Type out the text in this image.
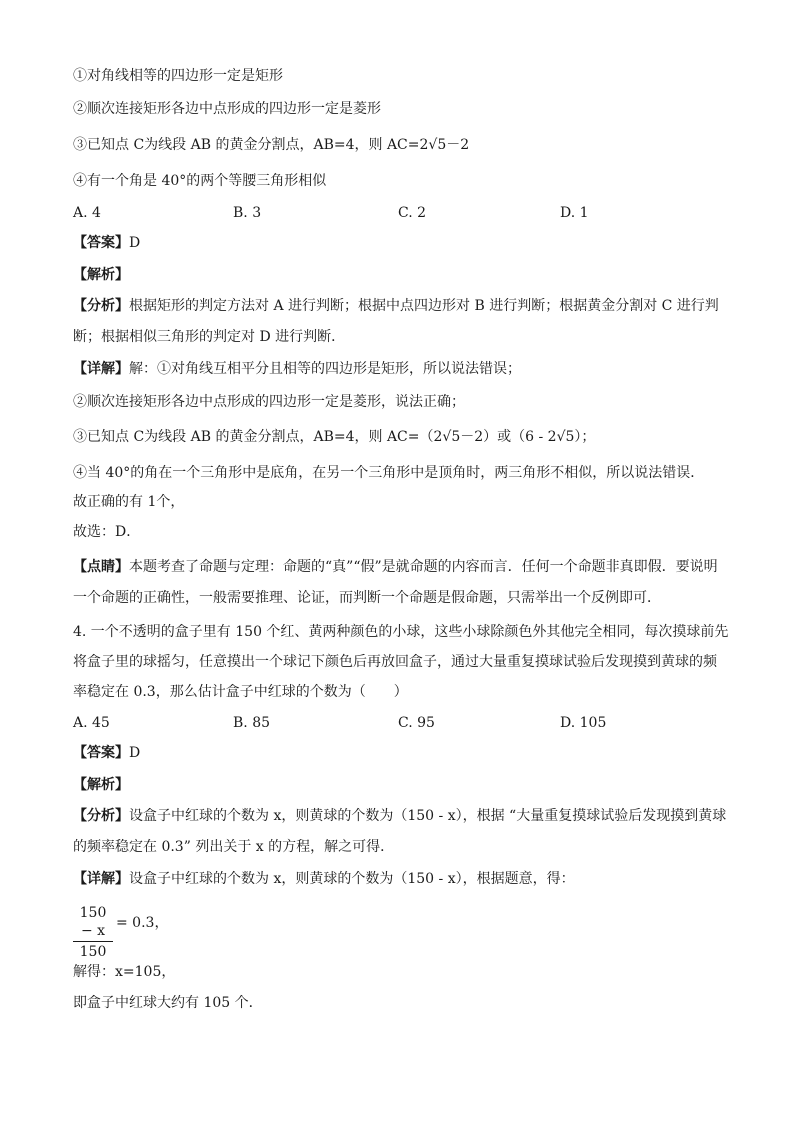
①对角线相等的四边形一定是矩形
②顺次连接矩形各边中点形成的四边形一定是菱形
③已知点 C为线段 AB 的黄金分割点，AB=4，则 AC=2√5－2
④有一个角是 40°的两个等腰三角形相似
A. 4	B. 3	C. 2	D. 1
【答案】D
【解析】
【分析】根据矩形的判定方法对 A 进行判断；根据中点四边形对 B 进行判断；根据黄金分割对 C 进行判
断；根据相似三角形的判定对 D 进行判断．
【详解】解：①对角线互相平分且相等的四边形是矩形，所以说法错误；
②顺次连接矩形各边中点形成的四边形一定是菱形，说法正确；
③已知点 C为线段 AB 的黄金分割点，AB=4，则 AC=（2√5－2）或（6 - 2√5）；
④当 40°的角在一个三角形中是底角，在另一个三角形中是顶角时，两三角形不相似，所以说法错误．
故正确的有 1个，
故选：D．
【点睛】本题考查了命题与定理：命题的“真”“假”是就命题的内容而言．任何一个命题非真即假．要说明
一个命题的正确性，一般需要推理、论证，而判断一个命题是假命题，只需举出一个反例即可．
4. 一个不透明的盒子里有 150 个红、黄两种颜色的小球，这些小球除颜色外其他完全相同，每次摸球前先
将盒子里的球摇匀，任意摸出一个球记下颜色后再放回盒子，通过大量重复摸球试验后发现摸到黄球的频
率稳定在 0.3，那么估计盒子中红球的个数为（　　）
A. 45	B. 85	C. 95	D. 105
【答案】D
【解析】
【分析】设盒子中红球的个数为 x，则黄球的个数为（150 - x），根据 “大量重复摸球试验后发现摸到黄球
的频率稳定在 0.3” 列出关于 x 的方程，解之可得．
【详解】设盒子中红球的个数为 x，则黄球的个数为（150 - x），根据题意，得：
$\frac{150 - x}{150} = 0.3$，
解得：x=105，
即盒子中红球大约有 105 个．
